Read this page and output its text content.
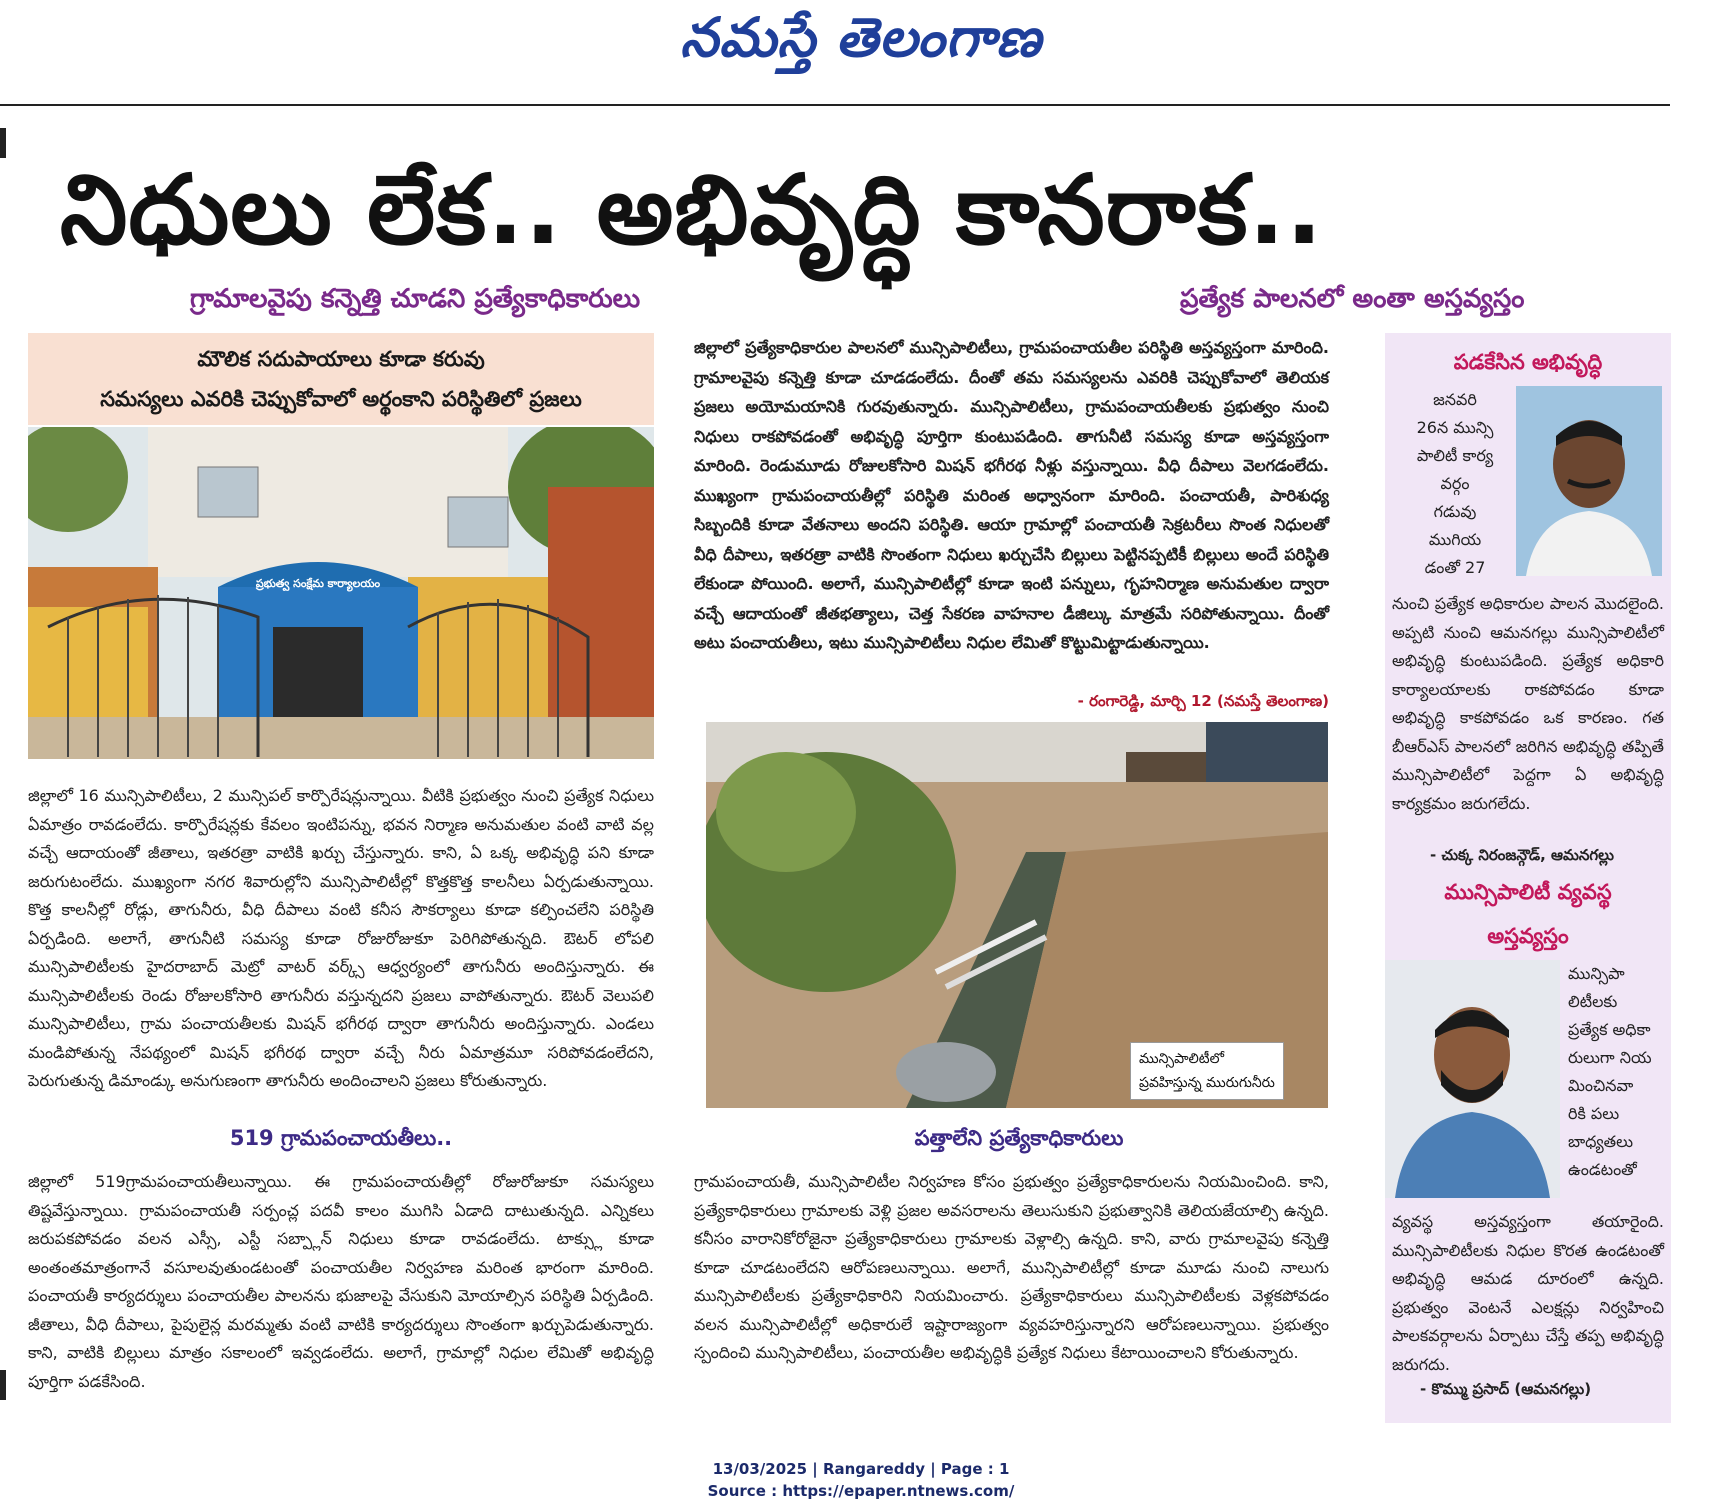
నమస్తే తెలంగాణ
నిధులు లేక.. అభివృద్ధి కానరాక..
గ్రామాలవైపు కన్నెత్తి చూడని ప్రత్యేకాధికారులు	ప్రత్యేక పాలనలో అంతా అస్తవ్యస్తం
మౌలిక సదుపాయాలు కూడా కరువు
సమస్యలు ఎవరికి చెప్పుకోవాలో అర్థంకాని పరిస్థితిలో ప్రజలు
ప్రభుత్వ సంక్షేమ కార్యాలయం
జిల్లాలో 16 మున్సిపాలిటీలు, 2 మున్సిపల్ కార్పొరేషన్లున్నాయి. వీటికి ప్రభుత్వం నుంచి ప్రత్యేక నిధులు ఏమాత్రం రావడంలేదు. కార్పొరేషన్లకు కేవలం ఇంటిపన్ను, భవన నిర్మాణ అనుమతుల వంటి వాటి వల్ల వచ్చే ఆదాయంతో జీతాలు, ఇతరత్రా వాటికి ఖర్చు చేస్తున్నారు. కాని, ఏ ఒక్క అభివృద్ధి పని కూడా జరుగుటంలేదు. ముఖ్యంగా నగర శివారుల్లోని మున్సిపాలిటీల్లో కొత్తకొత్త కాలనీలు ఏర్పడుతున్నాయి. కొత్త కాలనీల్లో రోడ్లు, తాగునీరు, వీధి దీపాలు వంటి కనీస సౌకర్యాలు కూడా కల్పించలేని పరిస్థితి ఏర్పడింది. అలాగే, తాగునీటి సమస్య కూడా రోజురోజుకూ పెరిగిపోతున్నది. ఔటర్ లోపలి మున్సిపాలిటీలకు హైదరాబాద్ మెట్రో వాటర్ వర్క్స్ ఆధ్వర్యంలో తాగునీరు అందిస్తున్నారు. ఈ మున్సిపాలిటీలకు రెండు రోజులకోసారి తాగునీరు వస్తున్నదని ప్రజలు వాపోతున్నారు. ఔటర్ వెలుపలి మున్సిపాలిటీలు, గ్రామ పంచాయతీలకు మిషన్ భగీరథ ద్వారా తాగునీరు అందిస్తున్నారు. ఎండలు మండిపోతున్న నేపథ్యంలో మిషన్ భగీరథ ద్వారా వచ్చే నీరు ఏమాత్రమూ సరిపోవడంలేదని, పెరుగుతున్న డిమాండ్కు అనుగుణంగా తాగునీరు అందించాలని ప్రజలు కోరుతున్నారు.
519 గ్రామపంచాయతీలు..
జిల్లాలో 519గ్రామపంచాయతీలున్నాయి. ఈ గ్రామపంచాయతీల్లో రోజురోజుకూ సమస్యలు తిష్టవేస్తున్నాయి. గ్రామపంచాయతీ సర్పంచ్ల పదవీ కాలం ముగిసి ఏడాది దాటుతున్నది. ఎన్నికలు జరుపకపోవడం వలన ఎస్సీ, ఎస్టీ సబ్ప్లాన్ నిధులు కూడా రావడంలేదు. టాక్స్లు కూడా అంతంతమాత్రంగానే వసూలవుతుండటంతో పంచాయతీల నిర్వహణ మరింత భారంగా మారింది. పంచాయతీ కార్యదర్శులు పంచాయతీల పాలనను భుజాలపై వేసుకుని మోయాల్సిన పరిస్థితి ఏర్పడింది. జీతాలు, వీధి దీపాలు, పైపులైన్ల మరమ్మతు వంటి వాటికి కార్యదర్శులు సొంతంగా ఖర్చుపెడుతున్నారు. కాని, వాటికి బిల్లులు మాత్రం సకాలంలో ఇవ్వడంలేదు. అలాగే, గ్రామాల్లో నిధుల లేమితో అభివృద్ధి పూర్తిగా పడకేసింది.
జిల్లాలో ప్రత్యేకాధికారుల పాలనలో మున్సిపాలిటీలు, గ్రామపంచాయతీల పరిస్థితి అస్తవ్యస్తంగా మారింది. గ్రామాలవైపు కన్నెత్తి కూడా చూడడంలేదు. దీంతో తమ సమస్యలను ఎవరికి చెప్పుకోవాలో తెలియక ప్రజలు అయోమయానికి గురవుతున్నారు. మున్సిపాలిటీలు, గ్రామపంచాయతీలకు ప్రభుత్వం నుంచి నిధులు రాకపోవడంతో అభివృద్ధి పూర్తిగా కుంటుపడింది. తాగునీటి సమస్య కూడా అస్తవ్యస్తంగా మారింది. రెండుమూడు రోజులకోసారి మిషన్ భగీరథ నీళ్లు వస్తున్నాయి. వీధి దీపాలు వెలగడంలేదు. ముఖ్యంగా గ్రామపంచాయతీల్లో పరిస్థితి మరింత అధ్వానంగా మారింది. పంచాయతీ, పారిశుధ్య సిబ్బందికి కూడా వేతనాలు అందని పరిస్థితి. ఆయా గ్రామాల్లో పంచాయతీ సెక్రటరీలు సొంత నిధులతో వీధి దీపాలు, ఇతరత్రా వాటికి సొంతంగా నిధులు ఖర్చుచేసి బిల్లులు పెట్టినప్పటికీ బిల్లులు అందే పరిస్థితి లేకుండా పోయింది. అలాగే, మున్సిపాలిటీల్లో కూడా ఇంటి పన్నులు, గృహనిర్మాణ అనుమతుల ద్వారా వచ్చే ఆదాయంతో జీతభత్యాలు, చెత్త సేకరణ వాహనాల డీజిల్కు మాత్రమే సరిపోతున్నాయి. దీంతో అటు పంచాయతీలు, ఇటు మున్సిపాలిటీలు నిధుల లేమితో కొట్టుమిట్టాడుతున్నాయి.
- రంగారెడ్డి, మార్చి 12 (నమస్తే తెలంగాణ)
మున్సిపాలిటీలో
ప్రవహిస్తున్న మురుగునీరు
పత్తాలేని ప్రత్యేకాధికారులు
గ్రామపంచాయతీ, మున్సిపాలిటీల నిర్వహణ కోసం ప్రభుత్వం ప్రత్యేకాధికారులను నియమించింది. కాని, ప్రత్యేకాధికారులు గ్రామాలకు వెళ్లి ప్రజల అవసరాలను తెలుసుకుని ప్రభుత్వానికి తెలియజేయాల్సి ఉన్నది. కనీసం వారానికోరోజైనా ప్రత్యేకాధికారులు గ్రామాలకు వెళ్లాల్సి ఉన్నది. కాని, వారు గ్రామాలవైపు కన్నెత్తి కూడా చూడటంలేదని ఆరోపణలున్నాయి. అలాగే, మున్సిపాలిటీల్లో కూడా మూడు నుంచి నాలుగు మున్సిపాలిటీలకు ప్రత్యేకాధికారిని నియమించారు. ప్రత్యేకాధికారులు మున్సిపాలిటీలకు వెళ్లకపోవడం వలన మున్సిపాలిటీల్లో అధికారులే ఇష్టారాజ్యంగా వ్యవహరిస్తున్నారని ఆరోపణలున్నాయి. ప్రభుత్వం స్పందించి మున్సిపాలిటీలు, పంచాయతీల అభివృద్ధికి ప్రత్యేక నిధులు కేటాయించాలని కోరుతున్నారు.
పడకేసిన అభివృద్ధి
జనవరి
26న మున్సి
పాలిటీ కార్య
వర్గం
గడువు
ముగియ
డంతో 27
నుంచి ప్రత్యేక అధికారుల పాలన మొదలైంది. అప్పటి నుంచి ఆమనగల్లు మున్సిపాలిటీలో అభివృద్ధి కుంటుపడింది. ప్రత్యేక అధికారి కార్యాలయాలకు రాకపోవడం కూడా అభివృద్ధి కాకపోవడం ఒక కారణం. గత బీఆర్ఎస్ పాలనలో జరిగిన అభివృద్ధి తప్పితే మున్సిపాలిటీలో పెద్దగా ఏ అభివృద్ధి కార్యక్రమం జరుగలేదు.
- చుక్క నిరంజన్గౌడ్, ఆమనగల్లు
మున్సిపాలిటీ వ్యవస్థ
అస్తవ్యస్తం
మున్సిపా
లిటీలకు
ప్రత్యేక అధికా
రులుగా నియ
మించినవా
రికి పలు
బాధ్యతలు
ఉండటంతో
వ్యవస్థ అస్తవ్యస్తంగా తయారైంది. మున్సిపాలిటీలకు నిధుల కొరత ఉండటంతో అభివృద్ధి ఆమడ దూరంలో ఉన్నది. ప్రభుత్వం వెంటనే ఎలక్షన్లు నిర్వహించి పాలకవర్గాలను ఏర్పాటు చేస్తే తప్ప అభివృద్ధి జరుగదు.
- కొమ్ము ప్రసాద్ (ఆమనగల్లు)
13/03/2025 | Rangareddy | Page : 1
Source : https://epaper.ntnews.com/
